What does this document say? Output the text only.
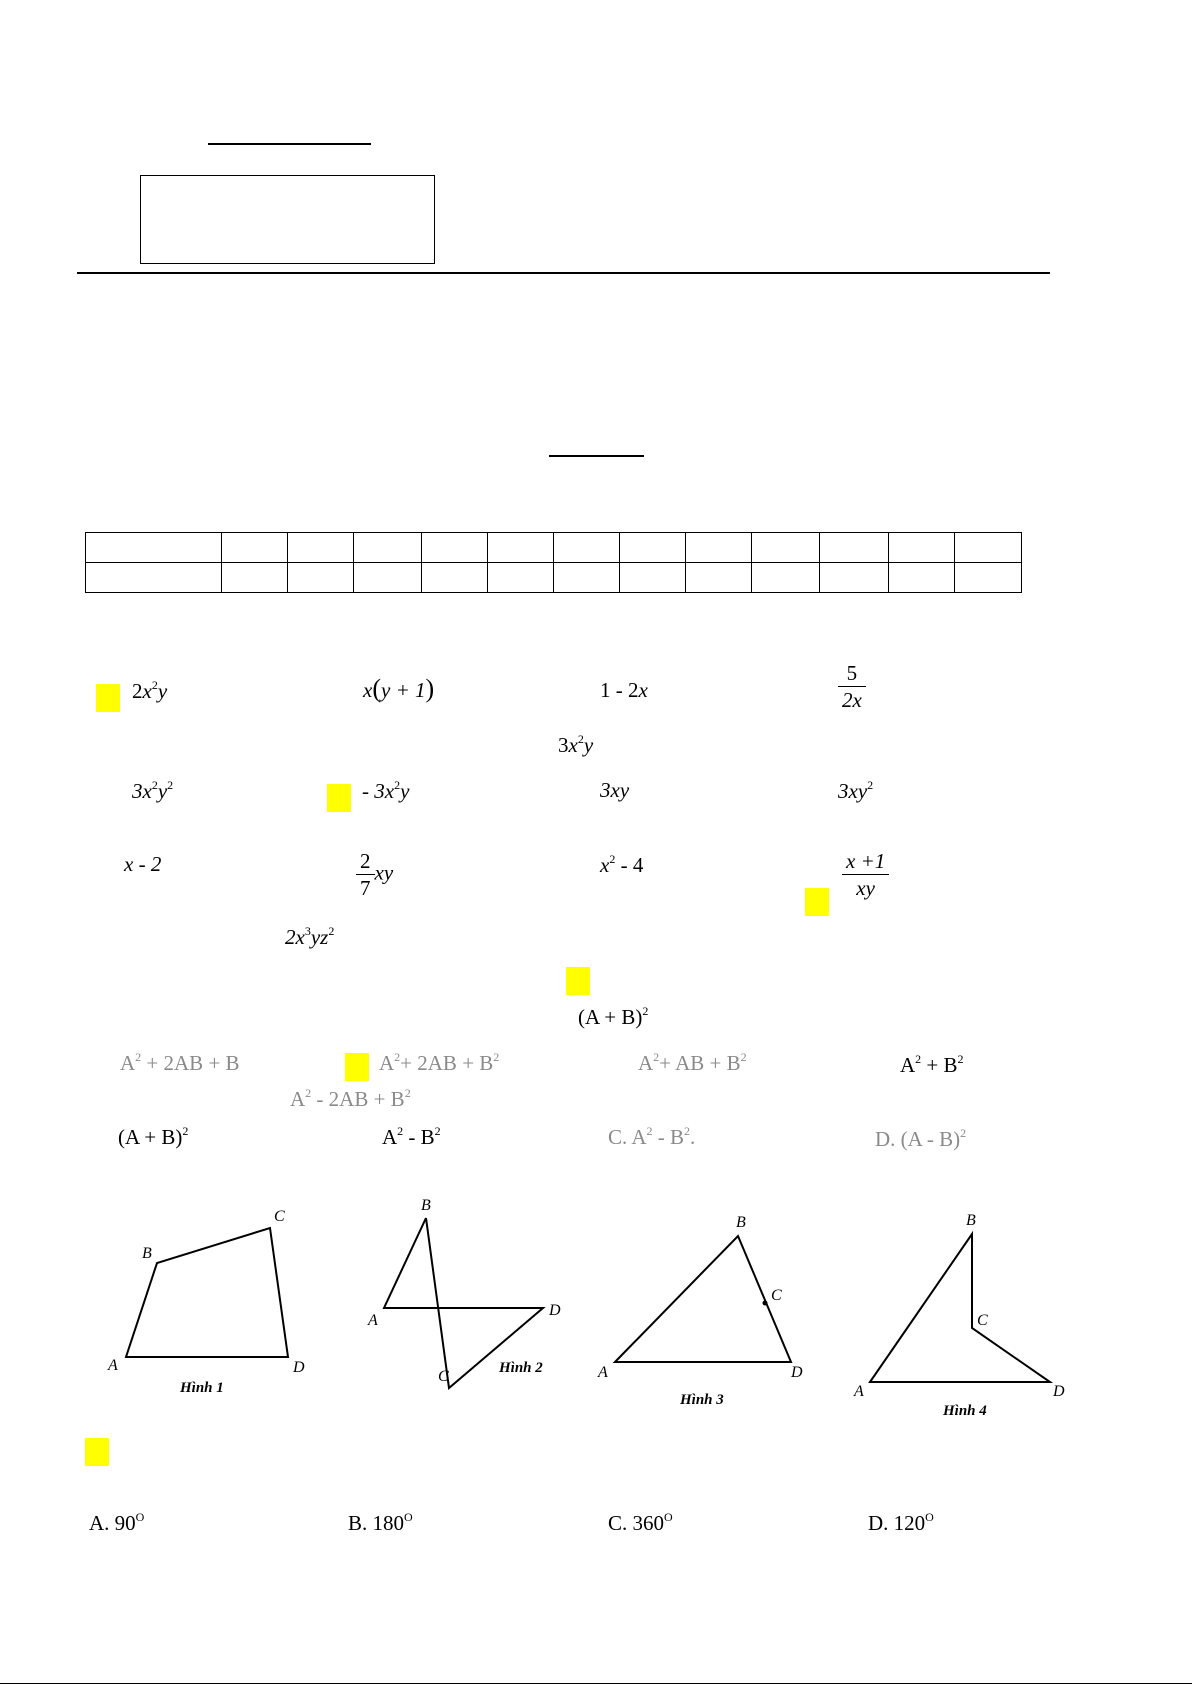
$2x^2y$	x(y + 1)	1 - 2x	$\frac{5}{2x}$
$3x^2y$
$3x^2y^2$	- $3x^2y$	3xy	$3xy^2$
x - 2	$\frac{2}{7}$ xy	$x^2 - 4$	$\frac{x +1}{xy}$
$2x^3yz^2$
$(A + B)^2$
$A^2 + 2AB + B$	$A^2+ 2AB + B^2$	$A^2+$ AB + $B^2$	$A^2 + B^2$
$A^2 - 2AB + B^2$
$(A + B)^2$	$A^2 - B^2$	C. $A^2 - B^2$.	D. (A - B)$^2$
A
B
C
D
Hình 1
A
B
C
D
Hình 2	A
B
C
D
Hình 3	A
B
C
D
Hình 4
A. $90^O$	B. $180^O$	C. $360^O$	D. $120^O$
